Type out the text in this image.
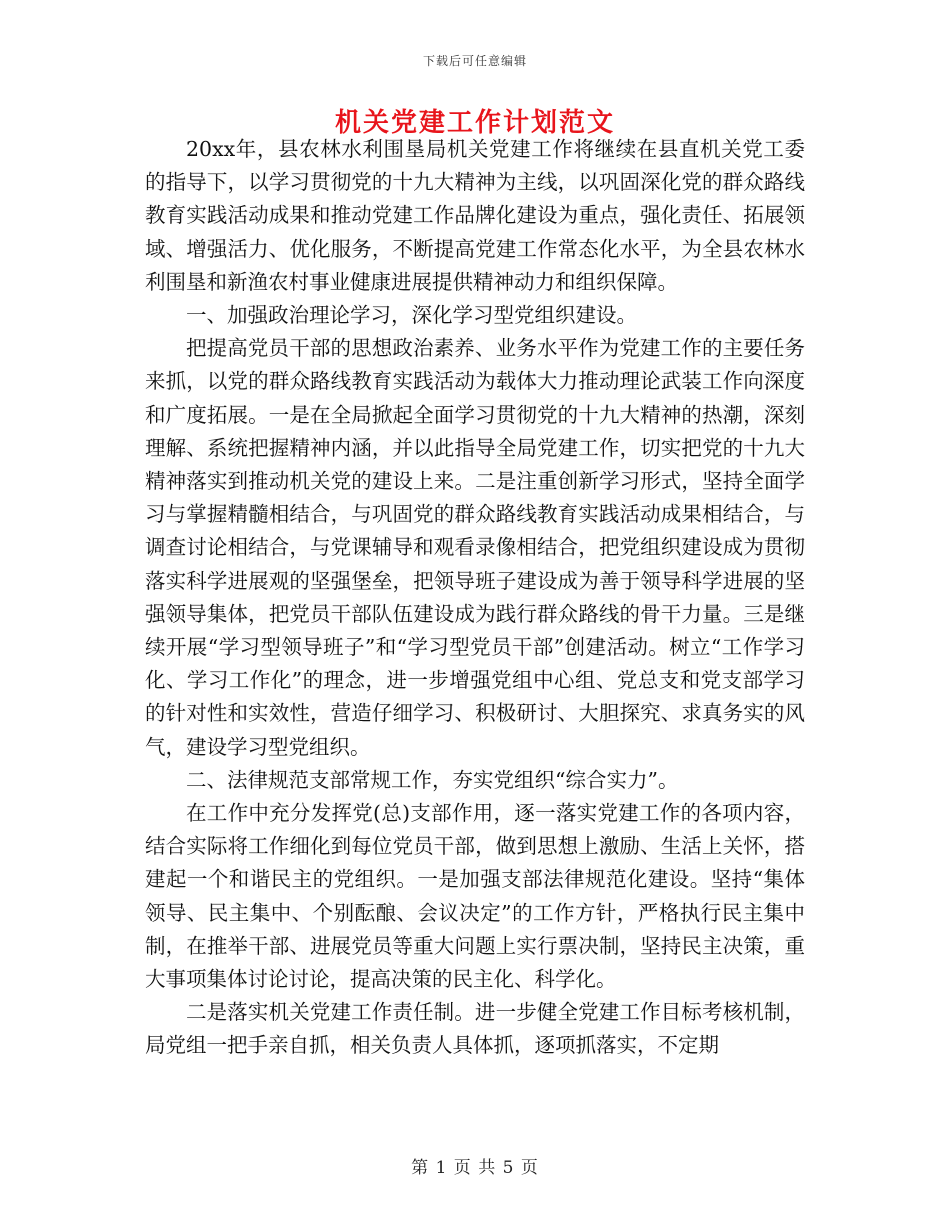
下载后可任意编辑
机关党建工作计划范文

20xx年，县农林水利围垦局机关党建工作将继续在县直机关党工委的指导下，以学习贯彻党的十九大精神为主线，以巩固深化党的群众路线教育实践活动成果和推动党建工作品牌化建设为重点，强化责任、拓展领域、增强活力、优化服务，不断提高党建工作常态化水平，为全县农林水利围垦和新渔农村事业健康进展提供精神动力和组织保障。

一、加强政治理论学习，深化学习型党组织建设。

把提高党员干部的思想政治素养、业务水平作为党建工作的主要任务来抓，以党的群众路线教育实践活动为载体大力推动理论武装工作向深度和广度拓展。一是在全局掀起全面学习贯彻党的十九大精神的热潮，深刻理解、系统把握精神内涵，并以此指导全局党建工作，切实把党的十九大精神落实到推动机关党的建设上来。二是注重创新学习形式，坚持全面学习与掌握精髓相结合，与巩固党的群众路线教育实践活动成果相结合，与调查讨论相结合，与党课辅导和观看录像相结合，把党组织建设成为贯彻落实科学进展观的坚强堡垒，把领导班子建设成为善于领导科学进展的坚强领导集体，把党员干部队伍建设成为践行群众路线的骨干力量。三是继续开展“学习型领导班子”和“学习型党员干部”创建活动。树立“工作学习化、学习工作化”的理念，进一步增强党组中心组、党总支和党支部学习的针对性和实效性，营造仔细学习、积极研讨、大胆探究、求真务实的风气，建设学习型党组织。

二、法律规范支部常规工作，夯实党组织“综合实力”。

在工作中充分发挥党(总)支部作用，逐一落实党建工作的各项内容，结合实际将工作细化到每位党员干部，做到思想上激励、生活上关怀，搭建起一个和谐民主的党组织。一是加强支部法律规范化建设。坚持“集体领导、民主集中、个别酝酿、会议决定”的工作方针，严格执行民主集中制，在推举干部、进展党员等重大问题上实行票决制，坚持民主决策，重大事项集体讨论讨论，提高决策的民主化、科学化。

二是落实机关党建工作责任制。进一步健全党建工作目标考核机制，局党组一把手亲自抓，相关负责人具体抓，逐项抓落实，不定期

第 1 页 共 5 页
